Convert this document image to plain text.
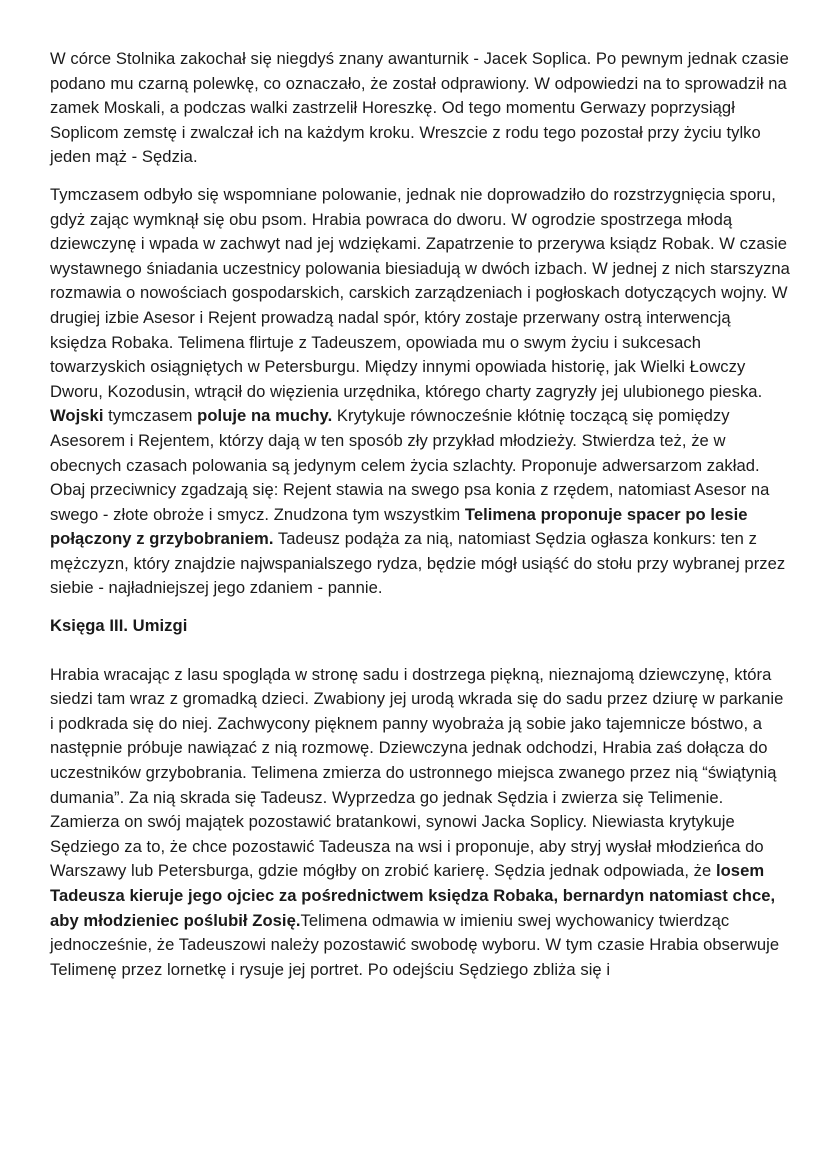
W córce Stolnika zakochał się niegdyś znany awanturnik - Jacek Soplica. Po pewnym jednak czasie podano mu czarną polewkę, co oznaczało, że został odprawiony. W odpowiedzi na to sprowadził na zamek Moskali, a podczas walki zastrzelił Horeszkę. Od tego momentu Gerwazy poprzysiągł Soplicom zemstę i zwalczał ich na każdym kroku. Wreszcie z rodu tego pozostał przy życiu tylko jeden mąż - Sędzia.

Tymczasem odbyło się wspomniane polowanie, jednak nie doprowadziło do rozstrzygnięcia sporu, gdyż zając wymknął się obu psom. Hrabia powraca do dworu. W ogrodzie spostrzega młodą dziewczynę i wpada w zachwyt nad jej wdziękami. Zapatrzenie to przerywa ksiądz Robak. W czasie wystawnego śniadania uczestnicy polowania biesiadują w dwóch izbach. W jednej z nich starszyzna rozmawia o nowościach gospodarskich, carskich zarządzeniach i pogłoskach dotyczących wojny. W drugiej izbie Asesor i Rejent prowadzą nadal spór, który zostaje przerwany ostrą interwencją księdza Robaka. Telimena flirtuje z Tadeuszem, opowiada mu o swym życiu i sukcesach towarzyskich osiągniętych w Petersburgu. Między innymi opowiada historię, jak Wielki Łowczy Dworu, Kozodusin, wtrącił do więzienia urzędnika, którego charty zagryzły jej ulubionego pieska. Wojski tymczasem poluje na muchy. Krytykuje równocześnie kłótnię toczącą się pomiędzy Asesorem i Rejentem, którzy dają w ten sposób zły przykład młodzieży. Stwierdza też, że w obecnych czasach polowania są jedynym celem życia szlachty. Proponuje adwersarzom zakład. Obaj przeciwnicy zgadzają się: Rejent stawia na swego psa konia z rzędem, natomiast Asesor na swego - złote obroże i smycz. Znudzona tym wszystkim Telimena proponuje spacer po lesie połączony z grzybobraniem. Tadeusz podąża za nią, natomiast Sędzia ogłasza konkurs: ten z mężczyzn, który znajdzie najwspanialszego rydza, będzie mógł usiąść do stołu przy wybranej przez siebie - najładniejszej jego zdaniem - pannie.

Księga III. Umizgi

Hrabia wracając z lasu spogląda w stronę sadu i dostrzega piękną, nieznajomą dziewczynę, która siedzi tam wraz z gromadką dzieci. Zwabiony jej urodą wkrada się do sadu przez dziurę w parkanie i podkrada się do niej. Zachwycony pięknem panny wyobraża ją sobie jako tajemnicze bóstwo, a następnie próbuje nawiązać z nią rozmowę. Dziewczyna jednak odchodzi, Hrabia zaś dołącza do uczestników grzybobrania. Telimena zmierza do ustronnego miejsca zwanego przez nią “świątynią dumania”. Za nią skrada się Tadeusz. Wyprzedza go jednak Sędzia i zwierza się Telimenie. Zamierza on swój majątek pozostawić bratankowi, synowi Jacka Soplicy. Niewiasta krytykuje Sędziego za to, że chce pozostawić Tadeusza na wsi i proponuje, aby stryj wysłał młodzieńca do Warszawy lub Petersburga, gdzie mógłby on zrobić karierę. Sędzia jednak odpowiada, że losem Tadeusza kieruje jego ojciec za pośrednictwem księdza Robaka, bernardyn natomiast chce, aby młodzieniec poślubił Zosię.Telimena odmawia w imieniu swej wychowanicy twierdząc jednocześnie, że Tadeuszowi należy pozostawić swobodę wyboru. W tym czasie Hrabia obserwuje Telimenę przez lornetkę i rysuje jej portret. Po odejściu Sędziego zbliża się i
